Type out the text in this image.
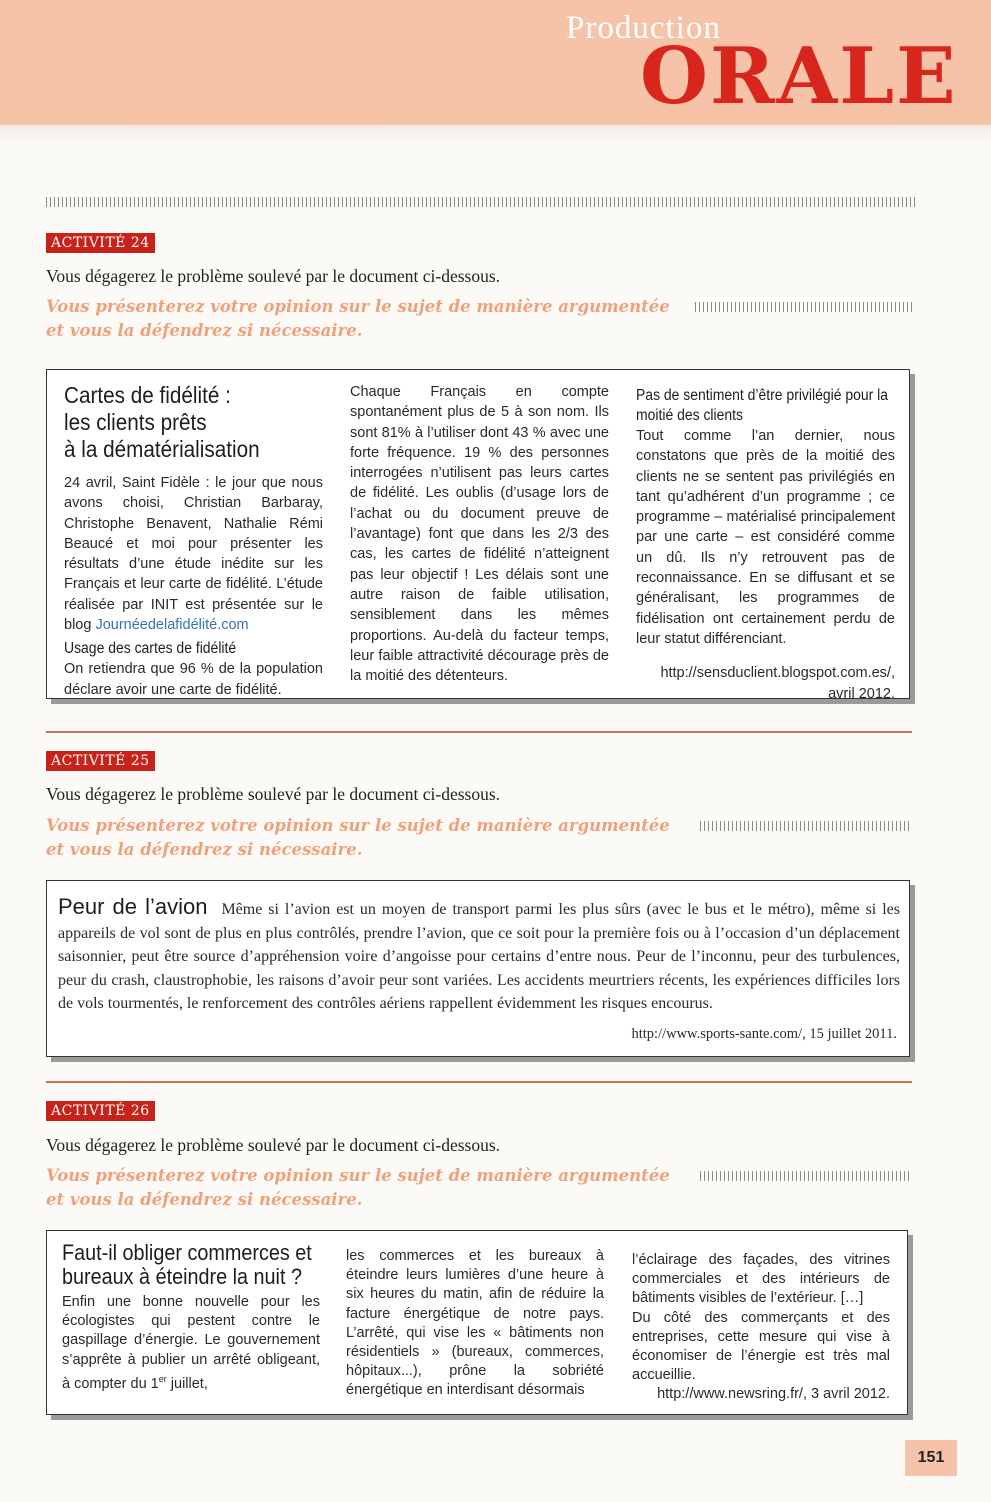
Production
ORALE
ACTIVITÉ 24
Vous dégagerez le problème soulevé par le document ci-dessous.
Vous présenterez votre opinion sur le sujet de manière argumentée
et vous la défendrez si nécessaire.
Cartes de fidélité :
les clients prêts
à la dématérialisation

24 avril, Saint Fidèle : le jour que nous avons choisi, Christian Barbaray, Christophe Benavent, Nathalie Rémi Beaucé et moi pour présenter les résultats d’une étude inédite sur les Français et leur carte de fidélité. L’étude réalisée par INIT est présentée sur le blog Journéedelafidélité.com

Usage des cartes de fidélité

On retiendra que 96 % de la population déclare avoir une carte de fidélité.

Chaque Français en compte spontanément plus de 5 à son nom. Ils sont 81% à l’utiliser dont 43 % avec une forte fréquence. 19 % des personnes interrogées n’utilisent pas leurs cartes de fidélité. Les oublis (d’usage lors de l’achat ou du document preuve de l’avantage) font que dans les 2/3 des cas, les cartes de fidélité n’atteignent pas leur objectif ! Les délais sont une autre raison de faible utilisation, sensiblement dans les mêmes proportions. Au-delà du facteur temps, leur faible attractivité décourage près de la moitié des détenteurs.

Pas de sentiment d’être privilégié pour la
moitié des clients

Tout comme l’an dernier, nous constatons que près de la moitié des clients ne se sentent pas privilégiés en tant qu’adhérent d’un programme ; ce programme – matérialisé principalement par une carte – est considéré comme un dû. Ils n’y retrouvent pas de reconnaissance. En se diffusant et se généralisant, les programmes de fidélisation ont certainement perdu de leur statut différenciant.

http://sensduclient.blogspot.com.es/,
avril 2012.

ACTIVITÉ 25
Vous dégagerez le problème soulevé par le document ci-dessous.
Vous présenterez votre opinion sur le sujet de manière argumentée
et vous la défendrez si nécessaire.
Peur de l’avion Même si l’avion est un moyen de transport parmi les plus sûrs (avec le bus et le métro), même si les appareils de vol sont de plus en plus contrôlés, prendre l’avion, que ce soit pour la première fois ou à l’occasion d’un déplacement saisonnier, peut être source d’appréhension voire d’angoisse pour certains d’entre nous. Peur de l’inconnu, peur des turbulences, peur du crash, claustrophobie, les raisons d’avoir peur sont variées. Les accidents meurtriers récents, les expériences difficiles lors de vols tourmentés, le renforcement des contrôles aériens rappellent évidemment les risques encourus.
http://www.sports-sante.com/, 15 juillet 2011.
ACTIVITÉ 26
Vous dégagerez le problème soulevé par le document ci-dessous.
Vous présenterez votre opinion sur le sujet de manière argumentée
et vous la défendrez si nécessaire.
Faut-il obliger commerces et
bureaux à éteindre la nuit ?

Enfin une bonne nouvelle pour les écologistes qui pestent contre le gaspillage d’énergie. Le gouvernement s’apprête à publier un arrêté obligeant, à compter du 1er juillet,

les commerces et les bureaux à éteindre leurs lumières d’une heure à six heures du matin, afin de réduire la facture énergétique de notre pays. L’arrêté, qui vise les « bâtiments non résidentiels » (bureaux, commerces, hôpitaux...), prône la sobriété énergétique en interdisant désormais

l’éclairage des façades, des vitrines commerciales et des intérieurs de bâtiments visibles de l’extérieur. […]

Du côté des commerçants et des entreprises, cette mesure qui vise à économiser de l’énergie est très mal accueillie.

http://www.newsring.fr/, 3 avril 2012.

151
